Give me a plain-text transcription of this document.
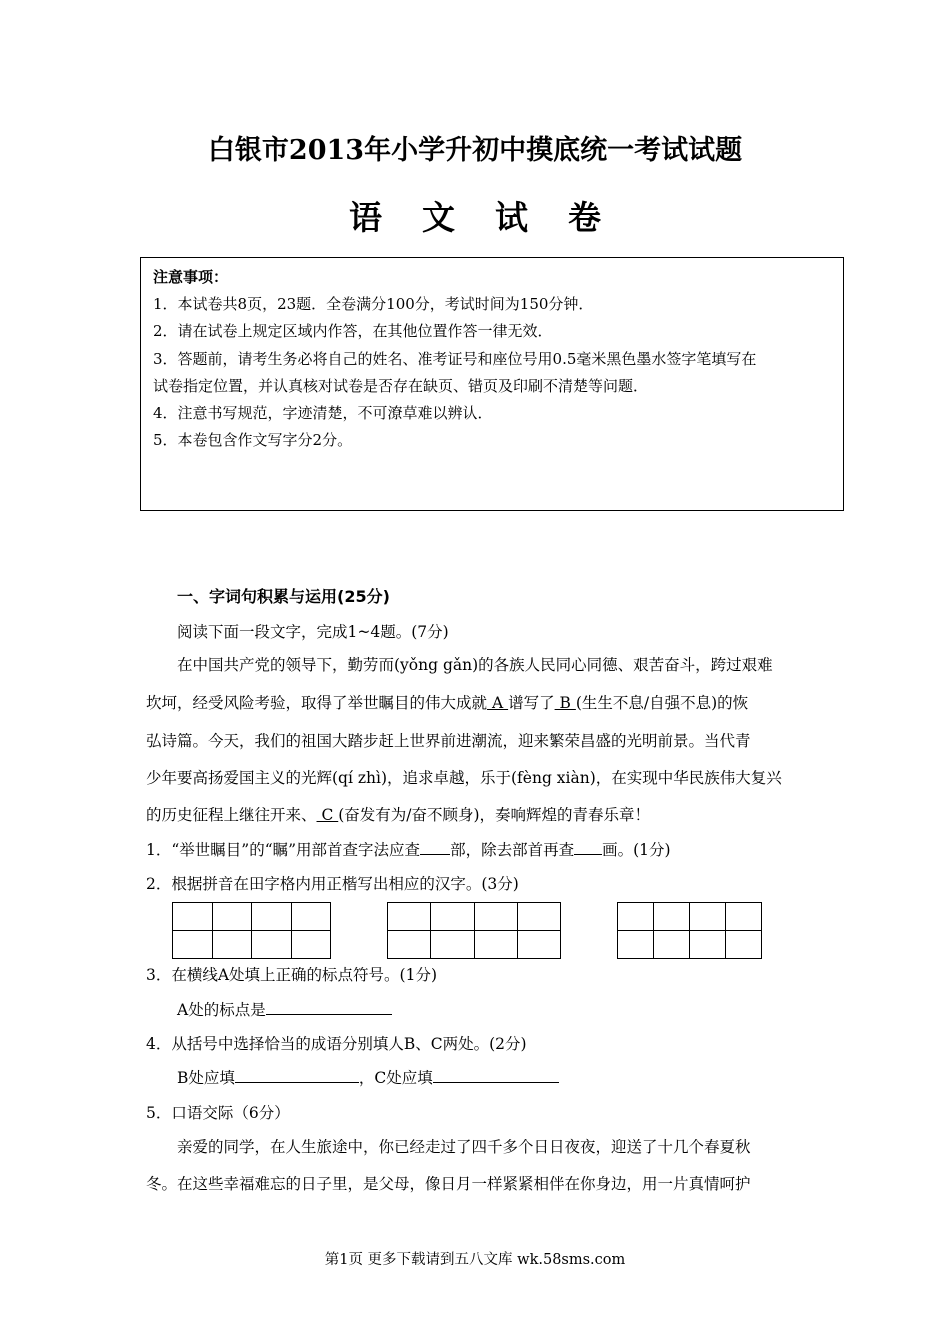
白银市2013年小学升初中摸底统一考试试题
语 文 试 卷
注意事项：
1．本试卷共8页，23题．全卷满分100分，考试时间为150分钟．
2．请在试卷上规定区域内作答，在其他位置作答一律无效．
3．答题前，请考生务必将自己的姓名、准考证号和座位号用0.5毫米黑色墨水签字笔填写在
试卷指定位置，并认真核对试卷是否存在缺页、错页及印刷不清楚等问题．
4．注意书写规范，字迹清楚，不可潦草难以辨认．
5．本卷包含作文写字分2分。
一、字词句积累与运用(25分)
阅读下面一段文字，完成1~4题。(7分)
在中国共产党的领导下，勤劳而(yǒng gǎn)的各族人民同心同德、艰苦奋斗，跨过艰难
坎坷，经受风险考验，取得了举世瞩目的伟大成就 A 谱写了 B (生生不息/自强不息)的恢
弘诗篇。今天，我们的祖国大踏步赶上世界前进潮流，迎来繁荣昌盛的光明前景。当代青
少年要高扬爱国主义的光辉(qí zhì)，追求卓越，乐于(fèng xiàn)，在实现中华民族伟大复兴
的历史征程上继往开来、 C (奋发有为/奋不顾身)，奏响辉煌的青春乐章！
1．“举世瞩目”的“瞩”用部首查字法应查 部，除去部首再查 画。(1分)
2．根据拼音在田字格内用正楷写出相应的汉字。(3分)

3．在横线A处填上正确的标点符号。(1分)
A处的标点是
4．从括号中选择恰当的成语分别填人B、C两处。(2分)
B处应填	，C处应填
5．口语交际（6分）
亲爱的同学，在人生旅途中，你已经走过了四千多个日日夜夜，迎送了十几个春夏秋
冬。在这些幸福难忘的日子里，是父母，像日月一样紧紧相伴在你身边，用一片真情呵护
第1页 更多下载请到五八文库 wk.58sms.com
